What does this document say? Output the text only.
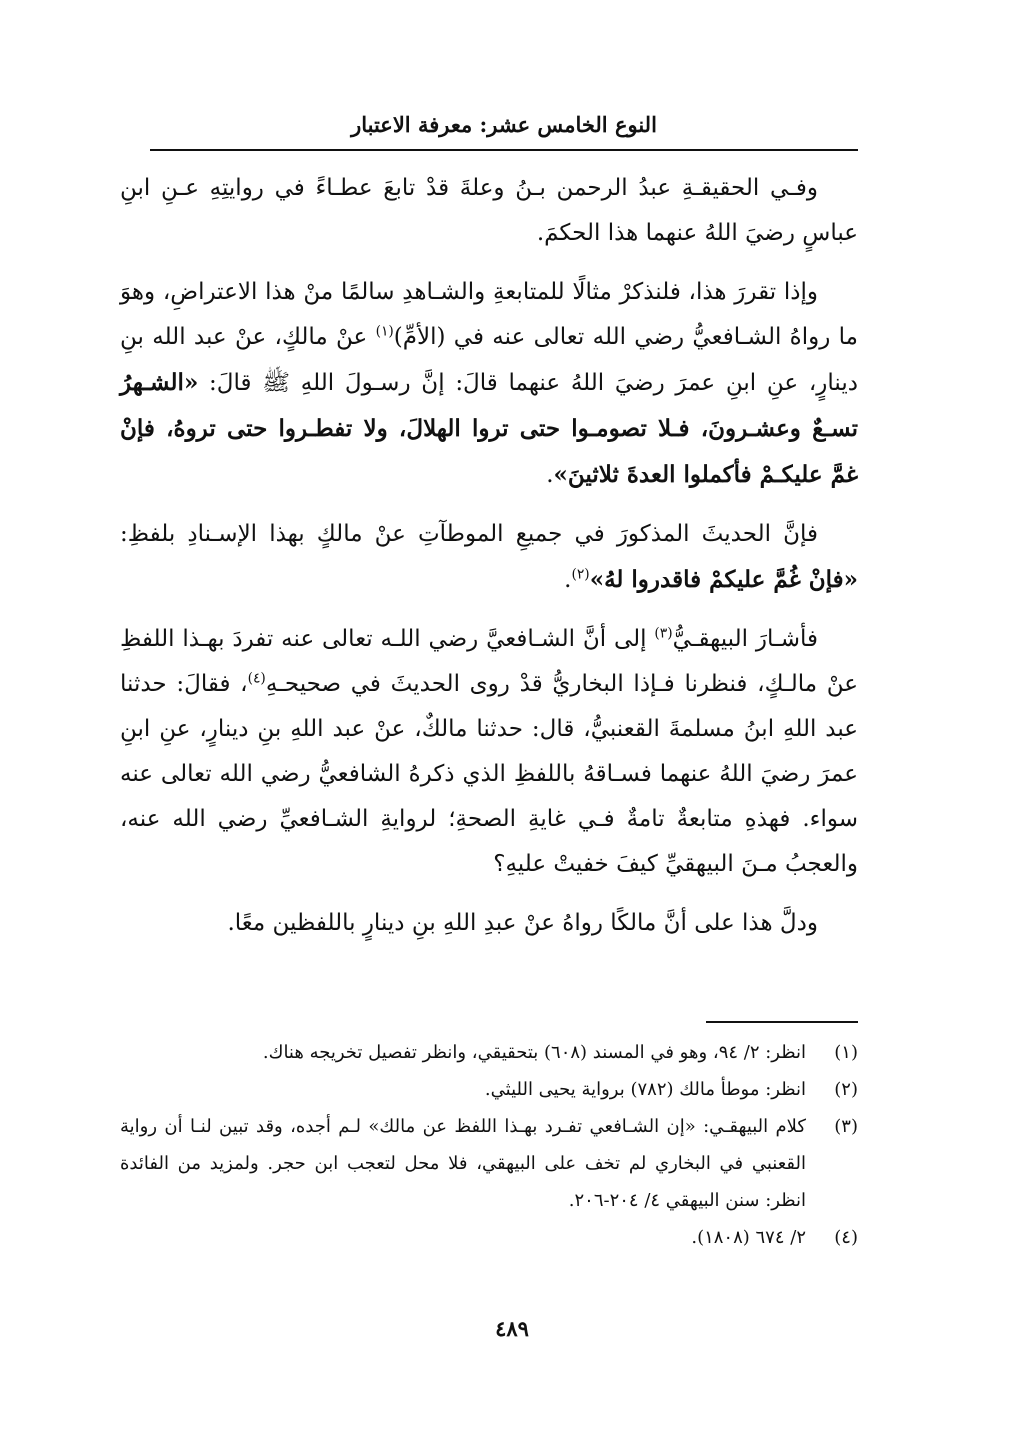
النوع الخامس عشر: معرفة الاعتبار

وفـي الحقيقـةِ عبدُ الرحمن بـنُ وعلةَ قدْ تابعَ عطـاءً في روايتِهِ عـنِ ابنِ عباسٍ رضيَ اللهُ عنهما هذا الحكمَ.

وإذا تقررَ هذا، فلنذكرْ مثالًا للمتابعةِ والشـاهدِ سالمًا منْ هذا الاعتراضِ، وهوَ ما رواهُ الشـافعيُّ رضي الله تعالى عنه في (الأمِّ)$^{(١)}$ عنْ مالكٍ، عنْ عبد الله بنِ دينارٍ، عنِ ابنِ عمرَ رضيَ اللهُ عنهما قالَ: إنَّ رسـولَ اللهِ ﷺ قالَ: «الشـهرُ تسـعٌ وعشـرونَ، فـلا تصومـوا حتى تروا الهلالَ، ولا تفطـروا حتى تروهُ، فإنْ غمَّ عليكـمْ فأكملوا العدةَ ثلاثينَ».

فإنَّ الحديثَ المذكورَ في جميعِ الموطآتِ عنْ مالكٍ بهذا الإسـنادِ بلفظِ: «فإنْ غُمَّ عليكمْ فاقدروا لهُ»$^{(٢)}$.

فأشـارَ البيهقـيُّ$^{(٣)}$ إلى أنَّ الشـافعيَّ رضي اللـه تعالى عنه تفردَ بهـذا اللفظِ عنْ مالـكٍ، فنظرنا فـإذا البخاريُّ قدْ روى الحديثَ في صحيحـهِ$^{(٤)}$، فقالَ: حدثنا عبد اللهِ ابنُ مسلمةَ القعنبيُّ، قال: حدثنا مالكٌ، عنْ عبد اللهِ بنِ دينارٍ، عنِ ابنِ عمرَ رضيَ اللهُ عنهما فسـاقهُ باللفظِ الذي ذكرهُ الشافعيُّ رضي الله تعالى عنه سواء. فهذهِ متابعةٌ تامةٌ فـي غايةِ الصحةِ؛ لروايةِ الشـافعيِّ رضي الله عنه، والعجبُ مـنَ البيهقيِّ كيفَ خفيتْ عليهِ؟

ودلَّ هذا على أنَّ مالكًا رواهُ عنْ عبدِ اللهِ بنِ دينارٍ باللفظين معًا.

(١)
انظر: ٢/ ٩٤، وهو في المسند (٦٠٨) بتحقيقي، وانظر تفصيل تخريجه هناك.
(٢)
انظر: موطأ مالك (٧٨٢) برواية يحيى الليثي.
(٣)
كلام البيهقـي: «إن الشـافعي تفـرد بهـذا اللفظ عن مالك» لـم أجده، وقد تبين لنـا أن رواية القعنبي في البخاري لم تخف على البيهقي، فلا محل لتعجب ابن حجر. ولمزيد من الفائدة انظر: سنن البيهقي ٤/ ٢٠٤-٢٠٦.
(٤)
٢/ ٦٧٤ (١٨٠٨).
٤٨٩
